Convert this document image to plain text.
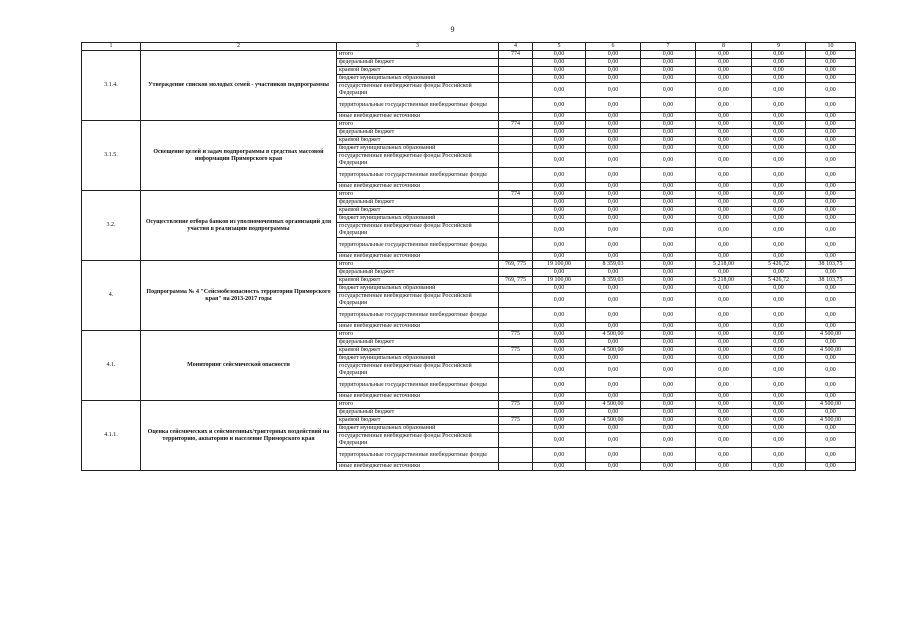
9
1	2	3	4	5	6	7	8	9	10
3.1.4.	Утверждение списков молодых семей - участников подпрограммы	итого	774	0,00	0,00	0,00	0,00	0,00	0,00
		федеральный бюджет		0,00	0,00	0,00	0,00	0,00	0,00
		краевой бюджет		0,00	0,00	0,00	0,00	0,00	0,00
		бюджет муниципальных образований		0,00	0,00	0,00	0,00	0,00	0,00
		государственные внебюджетные фонды Российской Федерации		0,00	0,00	0,00	0,00	0,00	0,00
		территориальные государственные внебюджетные фонды		0,00	0,00	0,00	0,00	0,00	0,00
		иные внебюджетные источники		0,00	0,00	0,00	0,00	0,00	0,00
3.1.5.	Освещение целей и задач подпрограммы в средствах массовой информации Приморского края	итого	774	0,00	0,00	0,00	0,00	0,00	0,00
		федеральный бюджет		0,00	0,00	0,00	0,00	0,00	0,00
		краевой бюджет		0,00	0,00	0,00	0,00	0,00	0,00
		бюджет муниципальных образований		0,00	0,00	0,00	0,00	0,00	0,00
		государственные внебюджетные фонды Российской Федерации		0,00	0,00	0,00	0,00	0,00	0,00
		территориальные государственные внебюджетные фонды		0,00	0,00	0,00	0,00	0,00	0,00
		иные внебюджетные источники		0,00	0,00	0,00	0,00	0,00	0,00
3.2.	Осуществление отбора банков из уполномоченных организаций для участия в реализации подпрограммы	итого	774	0,00	0,00	0,00	0,00	0,00	0,00
		федеральный бюджет		0,00	0,00	0,00	0,00	0,00	0,00
		краевой бюджет		0,00	0,00	0,00	0,00	0,00	0,00
		бюджет муниципальных образований		0,00	0,00	0,00	0,00	0,00	0,00
		государственные внебюджетные фонды Российской Федерации		0,00	0,00	0,00	0,00	0,00	0,00
		территориальные государственные внебюджетные фонды		0,00	0,00	0,00	0,00	0,00	0,00
		иные внебюджетные источники		0,00	0,00	0,00	0,00	0,00	0,00
4.	Подпрограмма № 4 "Сейсмобезопасность территории Приморского края" на 2013-2017 годы	итого	769, 775	19 100,00	8 359,03	0,00	5 218,00	5 426,72	38 103,75
		федеральный бюджет		0,00	0,00	0,00	0,00	0,00	0,00
		краевой бюджет	769, 775	19 100,00	8 359,03	0,00	5 218,00	5 426,72	38 103,75
		бюджет муниципальных образований		0,00	0,00	0,00	0,00	0,00	0,00
		государственные внебюджетные фонды Российской Федерации		0,00	0,00	0,00	0,00	0,00	0,00
		территориальные государственные внебюджетные фонды		0,00	0,00	0,00	0,00	0,00	0,00
		иные внебюджетные источники		0,00	0,00	0,00	0,00	0,00	0,00
4.1.	Мониторинг сейсмической опасности	итого	775	0,00	4 500,00	0,00	0,00	0,00	4 500,00
		федеральный бюджет		0,00	0,00	0,00	0,00	0,00	0,00
		краевой бюджет	775	0,00	4 500,00	0,00	0,00	0,00	4 500,00
		бюджет муниципальных образований		0,00	0,00	0,00	0,00	0,00	0,00
		государственные внебюджетные фонды Российской Федерации		0,00	0,00	0,00	0,00	0,00	0,00
		территориальные государственные внебюджетные фонды		0,00	0,00	0,00	0,00	0,00	0,00
		иные внебюджетные источники		0,00	0,00	0,00	0,00	0,00	0,00
4.1.1.	Оценка сейсмических и сейсмогенных/триггерных воздействий на территорию, акваторию и население Приморского края	итого	775	0,00	4 500,00	0,00	0,00	0,00	4 500,00
		федеральный бюджет		0,00	0,00	0,00	0,00	0,00	0,00
		краевой бюджет	775	0,00	4 500,00	0,00	0,00	0,00	4 500,00
		бюджет муниципальных образований		0,00	0,00	0,00	0,00	0,00	0,00
		государственные внебюджетные фонды Российской Федерации		0,00	0,00	0,00	0,00	0,00	0,00
		территориальные государственные внебюджетные фонды		0,00	0,00	0,00	0,00	0,00	0,00
		иные внебюджетные источники		0,00	0,00	0,00	0,00	0,00	0,00
